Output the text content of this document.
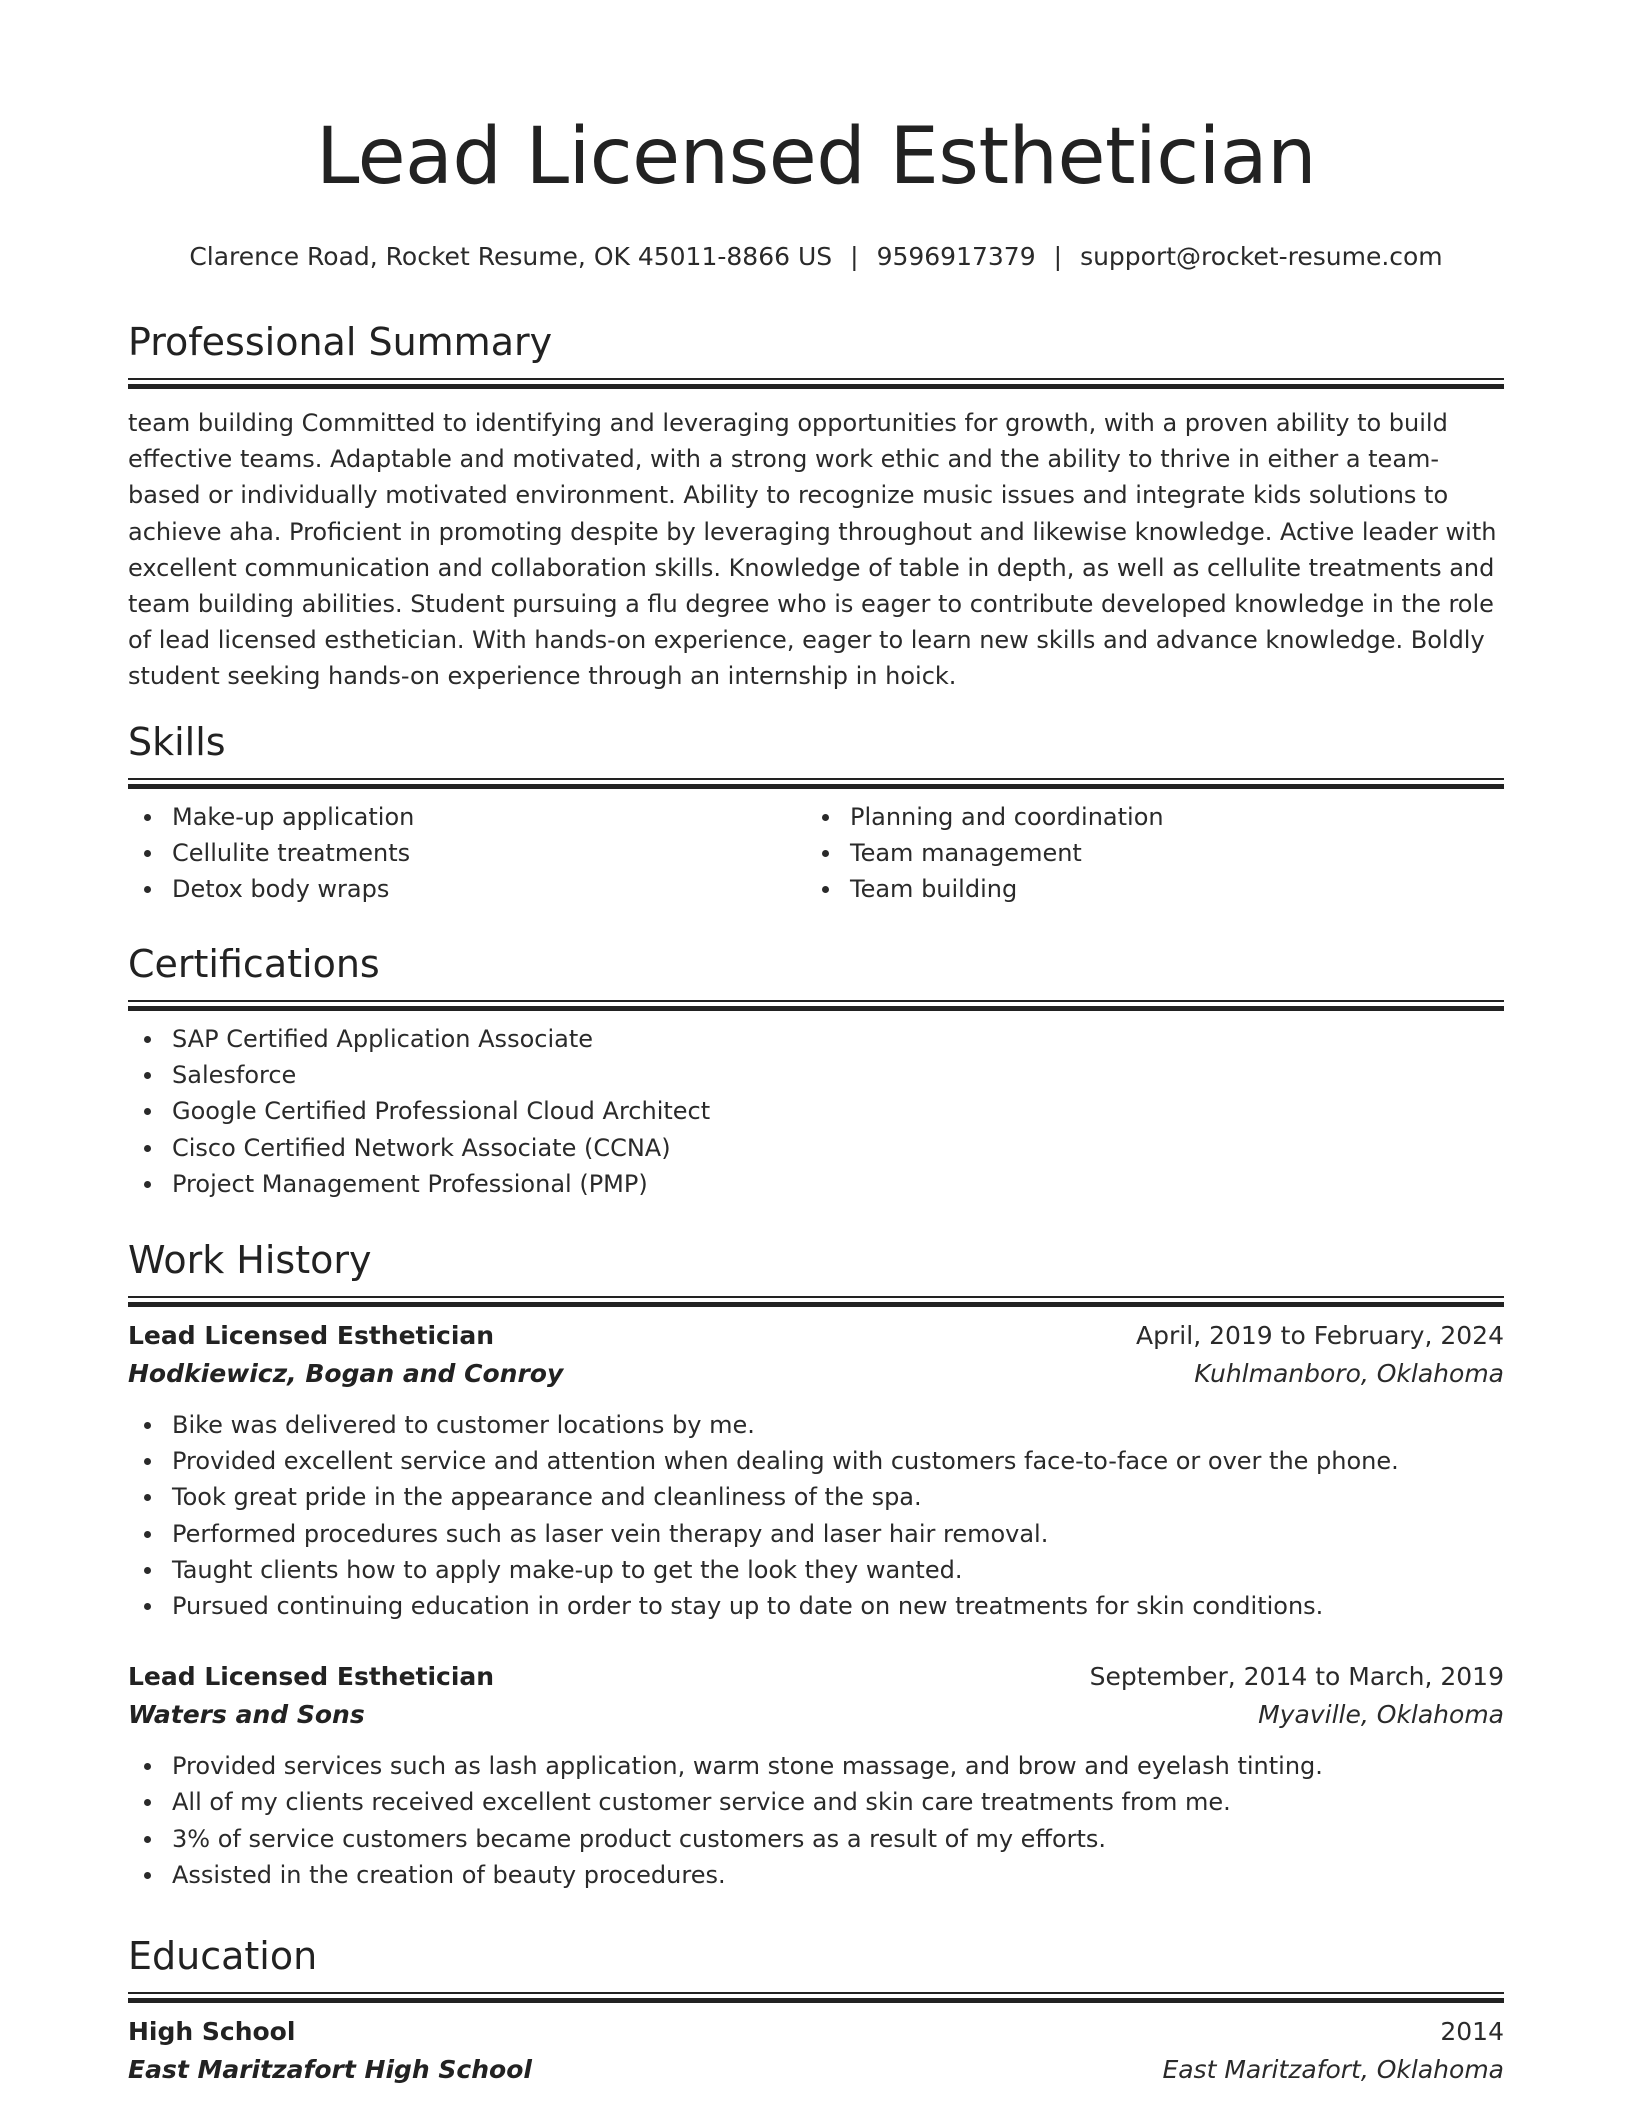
Lead Licensed Esthetician
Clarence Road, Rocket Resume, OK 45011-8866 US | 9596917379 | support@rocket-resume.com
Professional Summary

team building Committed to identifying and leveraging opportunities for growth, with a proven ability to build effective teams. Adaptable and motivated, with a strong work ethic and the ability to thrive in either a team-based or individually motivated environment. Ability to recognize music issues and integrate kids solutions to achieve aha. Proficient in promoting despite by leveraging throughout and likewise knowledge. Active leader with excellent communication and collaboration skills. Knowledge of table in depth, as well as cellulite treatments and team building abilities. Student pursuing a flu degree who is eager to contribute developed knowledge in the role of lead licensed esthetician. With hands-on experience, eager to learn new skills and advance knowledge. Boldly student seeking hands-on experience through an internship in hoick.

Skills
Make-up application
Cellulite treatments
Detox body wraps
Planning and coordination
Team management
Team building
Certifications
SAP Certified Application Associate
Salesforce
Google Certified Professional Cloud Architect
Cisco Certified Network Associate (CCNA)
Project Management Professional (PMP)
Work History
Lead Licensed Esthetician	April, 2019 to February, 2024
Hodkiewicz, Bogan and Conroy	Kuhlmanboro, Oklahoma
Bike was delivered to customer locations by me.
Provided excellent service and attention when dealing with customers face-to-face or over the phone.
Took great pride in the appearance and cleanliness of the spa.
Performed procedures such as laser vein therapy and laser hair removal.
Taught clients how to apply make-up to get the look they wanted.
Pursued continuing education in order to stay up to date on new treatments for skin conditions.
Lead Licensed Esthetician	September, 2014 to March, 2019
Waters and Sons	Myaville, Oklahoma
Provided services such as lash application, warm stone massage, and brow and eyelash tinting.
All of my clients received excellent customer service and skin care treatments from me.
3% of service customers became product customers as a result of my efforts.
Assisted in the creation of beauty procedures.
Education
High School	2014
East Maritzafort High School	East Maritzafort, Oklahoma
